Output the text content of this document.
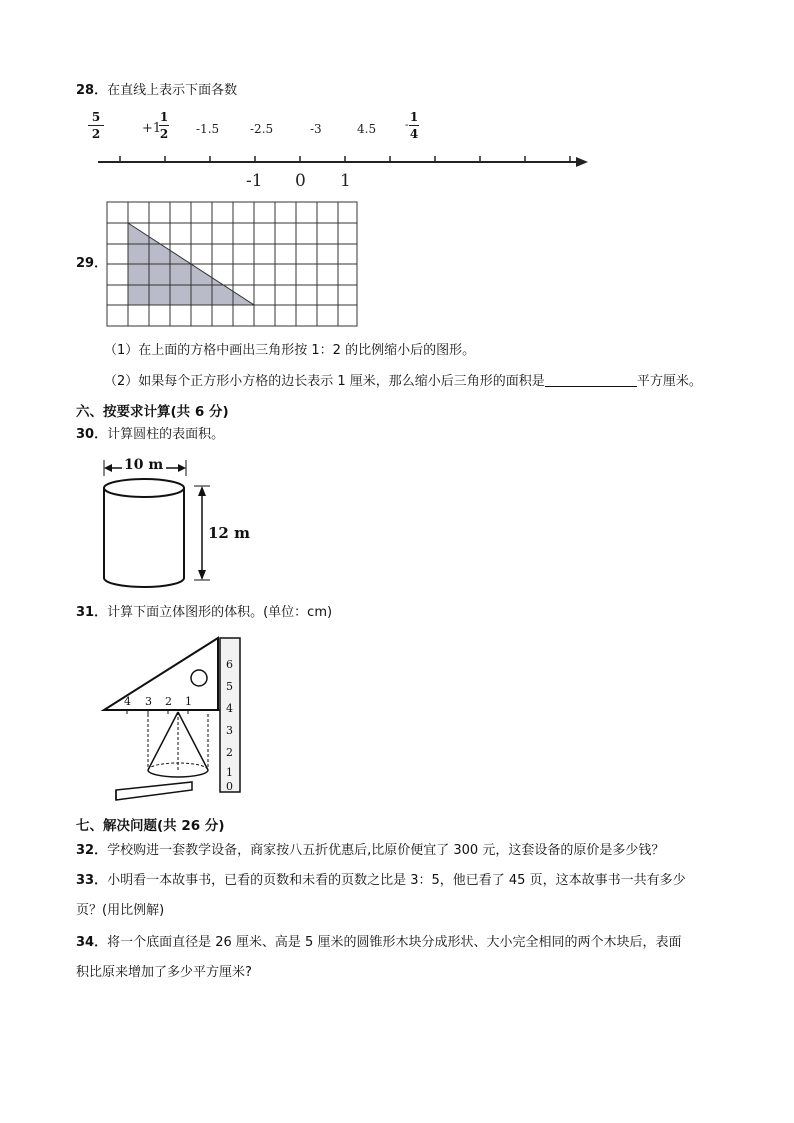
28．在直线上表示下面各数
5
2	+1
1
2 -1.5	-2.5	-3	4.5	-
1
4
-1 0 1
29．
（1）在上面的方格中画出三角形按 1：2 的比例缩小后的图形。
（2）如果每个正方形小方格的边长表示 1 厘米，那么缩小后三角形的面积是	平方厘米。
六、按要求计算(共 6 分)
30．计算圆柱的表面积。
10 m
12 m
31．计算下面立体图形的体积。(单位：cm)
4 3 2 1
6
5
4
3
2
1
0
七、解决问题(共 26 分)
32．学校购进一套教学设备，商家按八五折优惠后,比原价便宜了 300 元，这套设备的原价是多少钱？
33．小明看一本故事书，已看的页数和未看的页数之比是 3：5，他已看了 45 页，这本故事书一共有多少
页？(用比例解)
34．将一个底面直径是 26 厘米、高是 5 厘米的圆锥形木块分成形状、大小完全相同的两个木块后，表面
积比原来增加了多少平方厘米?
